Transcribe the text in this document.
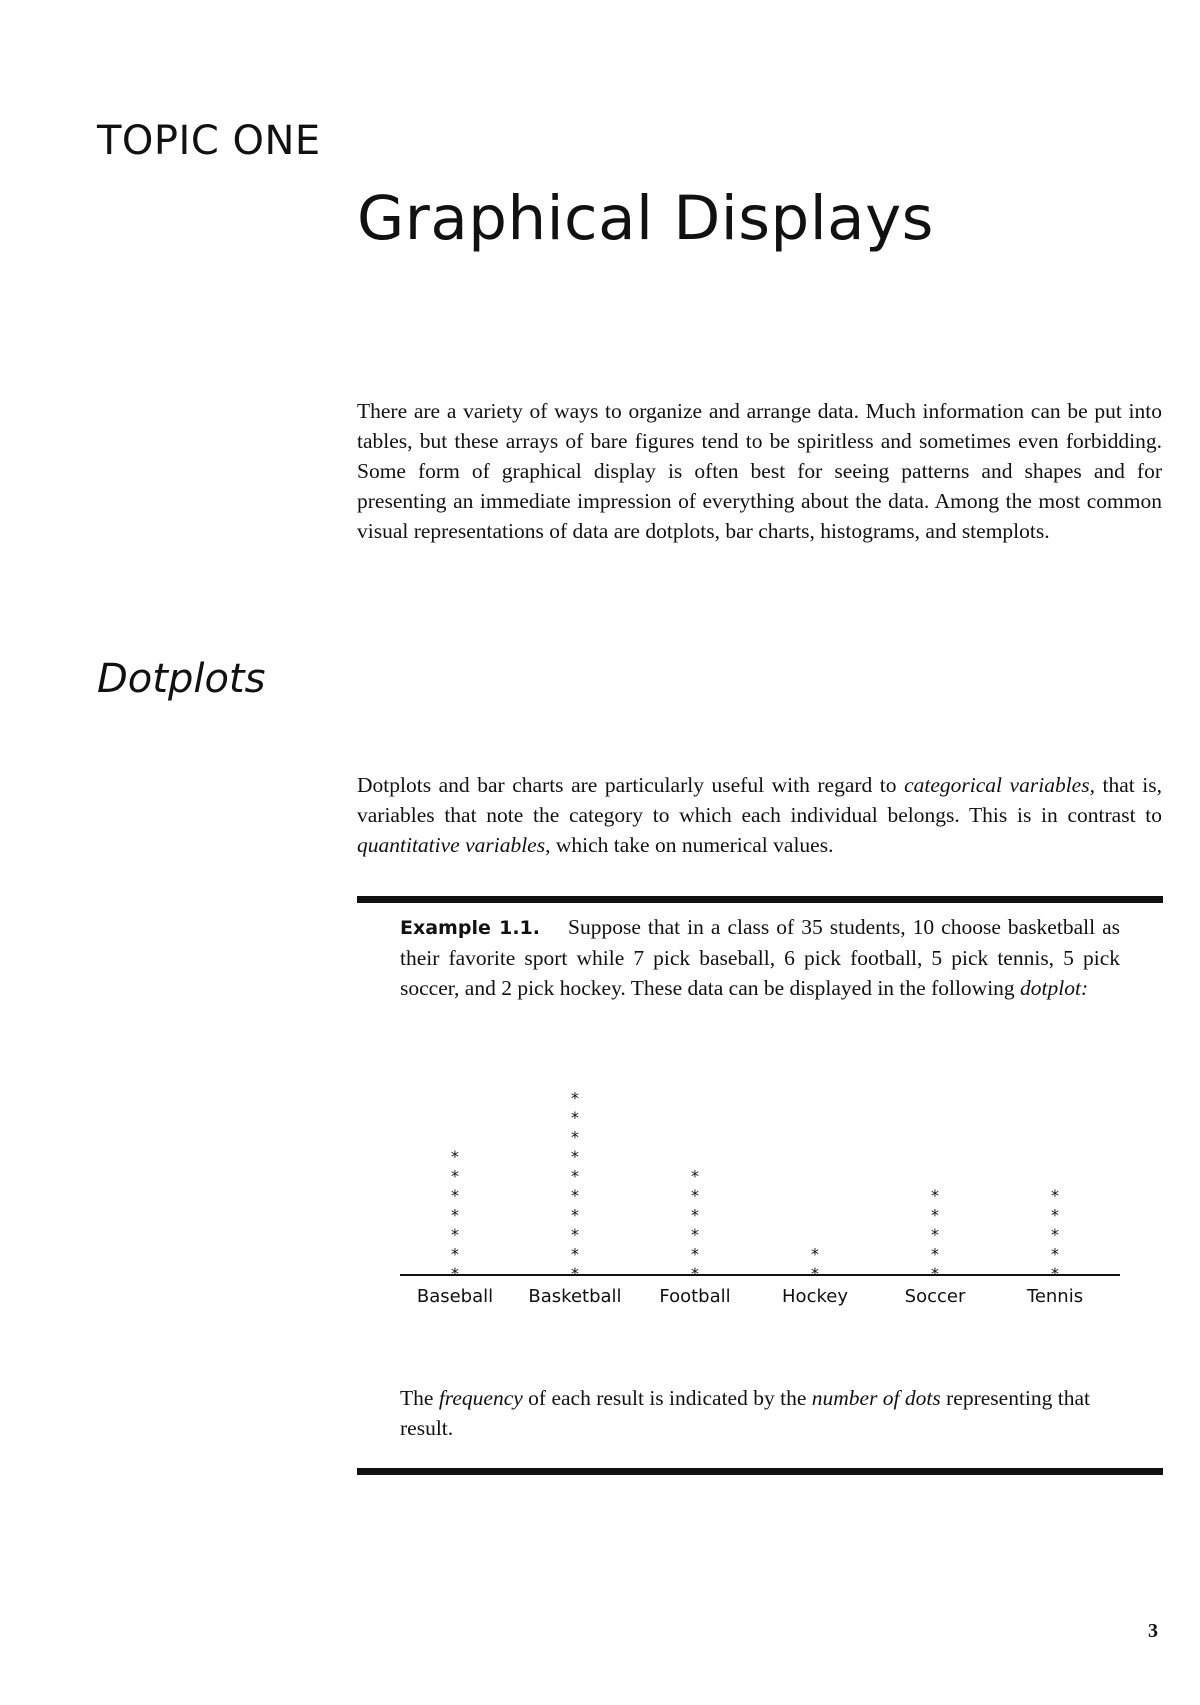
TOPIC ONE
Graphical Displays

There are a variety of ways to organize and arrange data. Much information can be put into tables, but these arrays of bare figures tend to be spiritless and sometimes even forbidding. Some form of graphical display is often best for seeing patterns and shapes and for presenting an immediate impression of everything about the data. Among the most common visual representations of data are dotplots, bar charts, histograms, and stemplots.

Dotplots

Dotplots and bar charts are particularly useful with regard to categorical variables, that is, variables that note the category to which each individual belongs. This is in contrast to quantitative variables, which take on numerical values.

Example 1.1. Suppose that in a class of 35 students, 10 choose basketball as their favorite sport while 7 pick baseball, 6 pick football, 5 pick tennis, 5 pick soccer, and 2 pick hockey. These data can be displayed in the following dotplot:

*
*
*
*
*
*
*
*
*
*
*
*
*
*
*
*
*
*
*
*
*
*
*
*
*
*
*
*
*
*
*
*
*
*
*
Baseball Basketball Football	Hockey	Soccer	Tennis

The frequency of each result is indicated by the number of dots representing that result.

3
